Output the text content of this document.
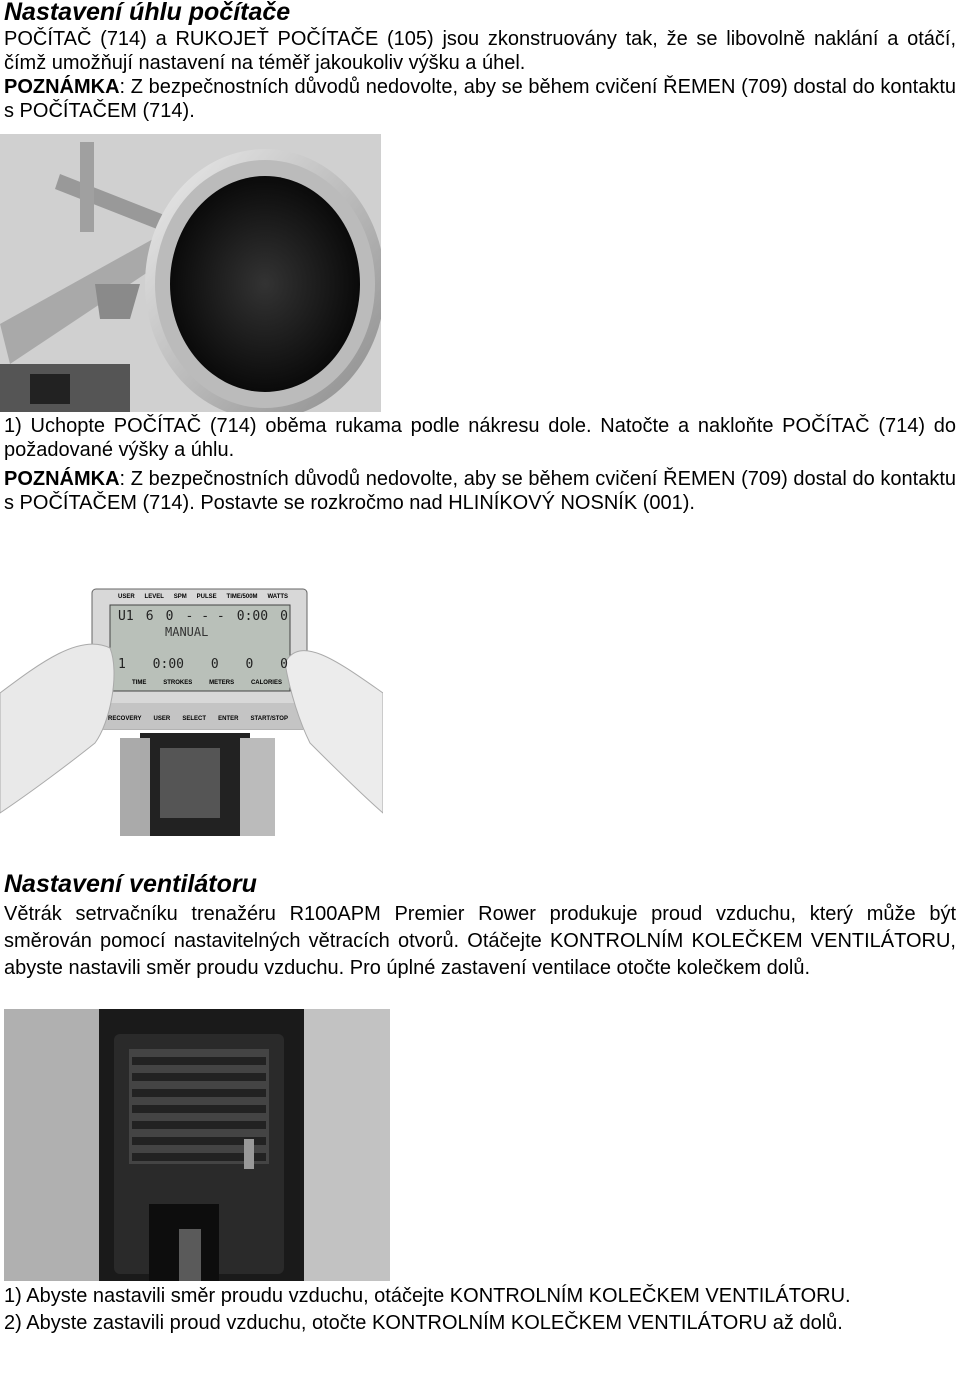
Nastavení úhlu počítače

POČÍTAČ (714) a RUKOJEŤ POČÍTAČE (105) jsou zkonstruovány tak, že se libovolně naklání a otáčí, čímž umožňují nastavení na téměř jakoukoliv výšku a úhel.
POZNÁMKA: Z bezpečnostních důvodů nedovolte, aby se během cvičení ŘEMEN (709) dostal do kontaktu s POČÍTAČEM (714).

1) Uchopte POČÍTAČ (714) oběma rukama podle nákresu dole. Natočte a nakloňte POČÍTAČ (714) do požadované výšky a úhlu.

POZNÁMKA: Z bezpečnostních důvodů nedovolte, aby se během cvičení ŘEMEN (709) dostal do kontaktu s POČÍTAČEM (714). Postavte se rozkročmo nad HLINÍKOVÝ NOSNÍK (001).

USER LEVEL SPM PULSE TIME/500M WATTS
U1 6 0 - - - 0:00 0
MANUAL
1 0:00 0 0 0
TIME	STROKES	METERS	CALORIES
RECOVERY USER SELECT ENTER START/STOP
Nastavení ventilátoru

Větrák setrvačníku trenažéru R100APM Premier Rower produkuje proud vzduchu, který může být směrován pomocí nastavitelných větracích otvorů. Otáčejte KONTROLNÍM KOLEČKEM VENTILÁTORU, abyste nastavili směr proudu vzduchu. Pro úplné zastavení ventilace otočte kolečkem dolů.

1) Abyste nastavili směr proudu vzduchu, otáčejte KONTROLNÍM KOLEČKEM VENTILÁTORU.

2) Abyste zastavili proud vzduchu, otočte KONTROLNÍM KOLEČKEM VENTILÁTORU až dolů.
